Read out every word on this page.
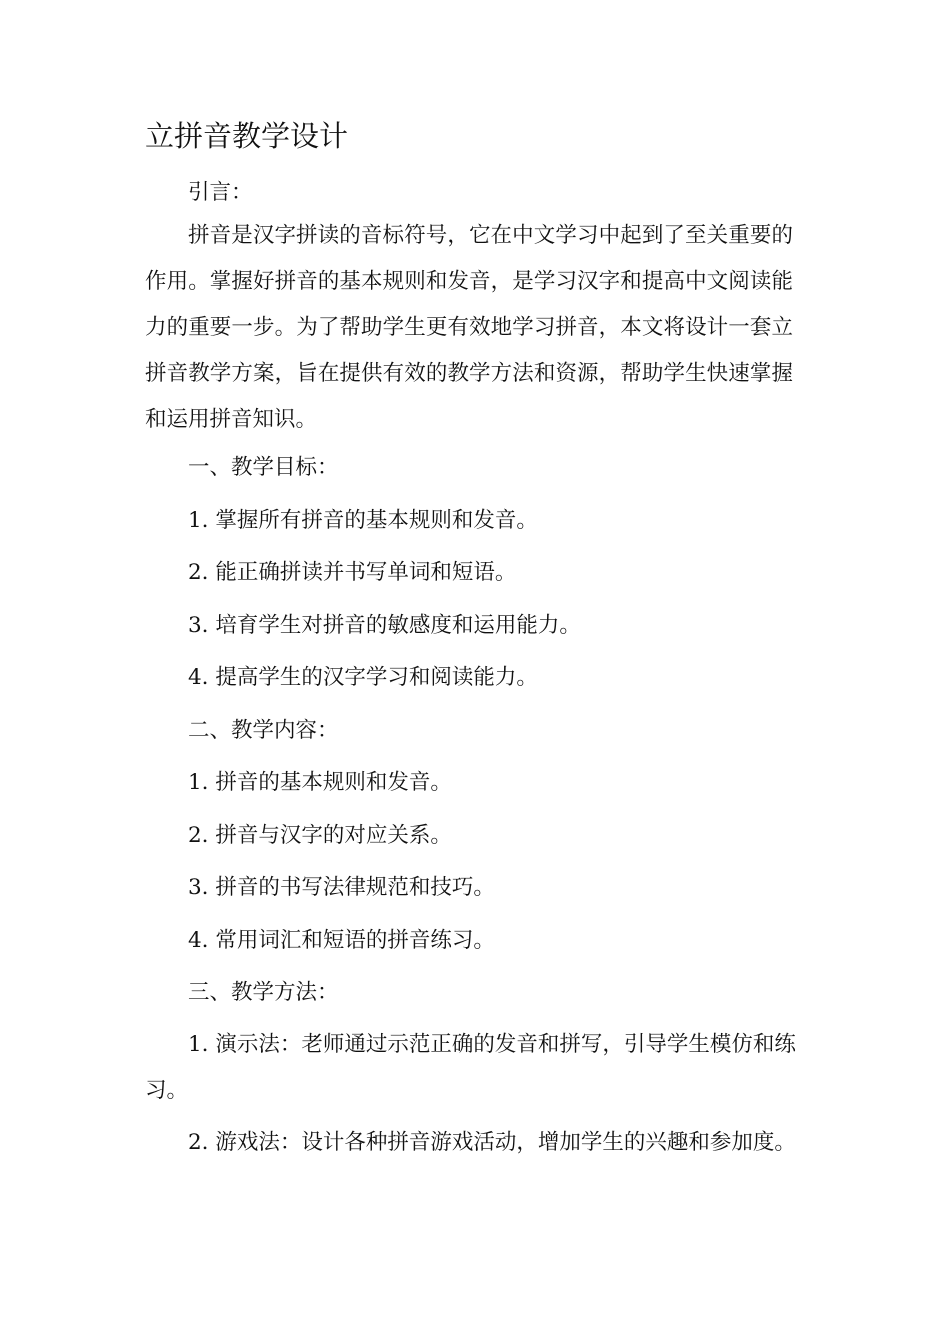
立拼音教学设计

引言：

拼音是汉字拼读的音标符号，它在中文学习中起到了至关重要的作用。掌握好拼音的基本规则和发音，是学习汉字和提高中文阅读能力的重要一步。为了帮助学生更有效地学习拼音，本文将设计一套立拼音教学方案，旨在提供有效的教学方法和资源，帮助学生快速掌握和运用拼音知识。

一、教学目标：

1. 掌握所有拼音的基本规则和发音。

2. 能正确拼读并书写单词和短语。

3. 培育学生对拼音的敏感度和运用能力。

4. 提高学生的汉字学习和阅读能力。

二、教学内容：

1. 拼音的基本规则和发音。

2. 拼音与汉字的对应关系。

3. 拼音的书写法律规范和技巧。

4. 常用词汇和短语的拼音练习。

三、教学方法：

1. 演示法：老师通过示范正确的发音和拼写，引导学生模仿和练习。

2. 游戏法：设计各种拼音游戏活动，增加学生的兴趣和参加度。
